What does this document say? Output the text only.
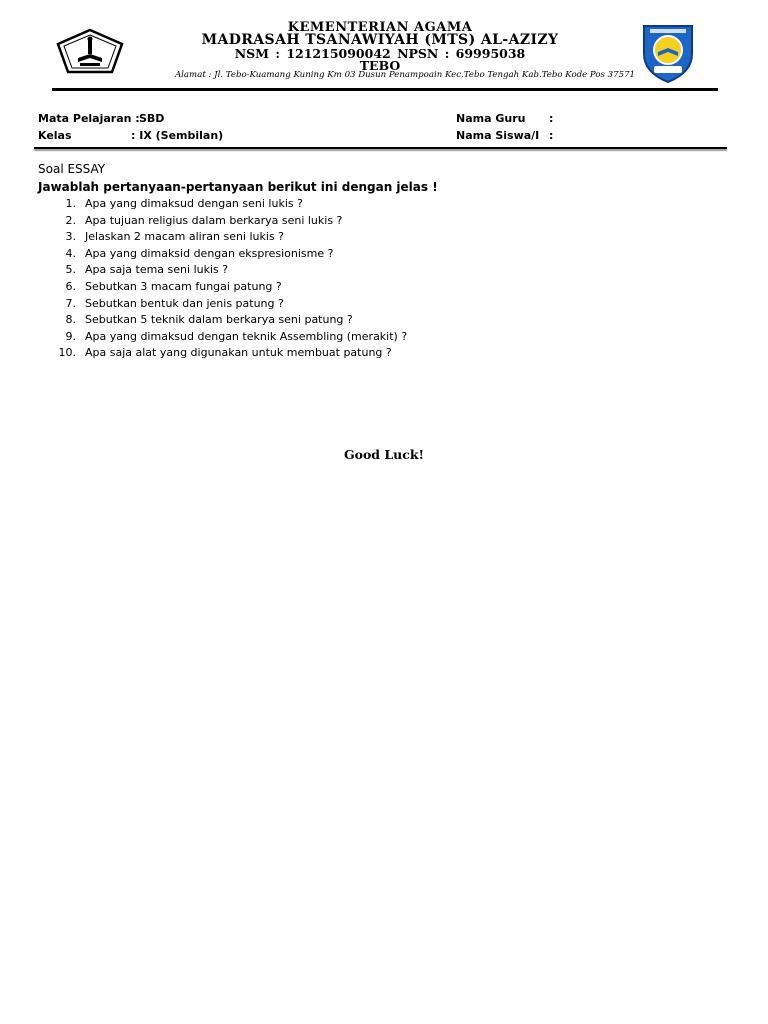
KEMENTERIAN AGAMA
MADRASAH TSANAWIYAH (MTS) AL-AZIZY
NSM : 121215090042 NPSN : 69995038
TEBO
Alamat : Jl. Tebo-Kuamang Kuning Km 03 Dusun Penampoain Kec.Tebo Tengah Kab.Tebo Kode Pos 37571
Mata Pelajaran : SBD
Kelas	: IX (Sembilan)
Nama Guru :
Nama Siswa/I :
Soal ESSAY
Jawablah pertanyaan-pertanyaan berikut ini dengan jelas !
1. Apa yang dimaksud dengan seni lukis ?
2. Apa tujuan religius dalam berkarya seni lukis ?
3. Jelaskan 2 macam aliran seni lukis ?
4. Apa yang dimaksid dengan ekspresionisme ?
5. Apa saja tema seni lukis ?
6. Sebutkan 3 macam fungai patung ?
7. Sebutkan bentuk dan jenis patung ?
8. Sebutkan 5 teknik dalam berkarya seni patung ?
9. Apa yang dimaksud dengan teknik Assembling (merakit) ?
10. Apa saja alat yang digunakan untuk membuat patung ?
Good Luck!
